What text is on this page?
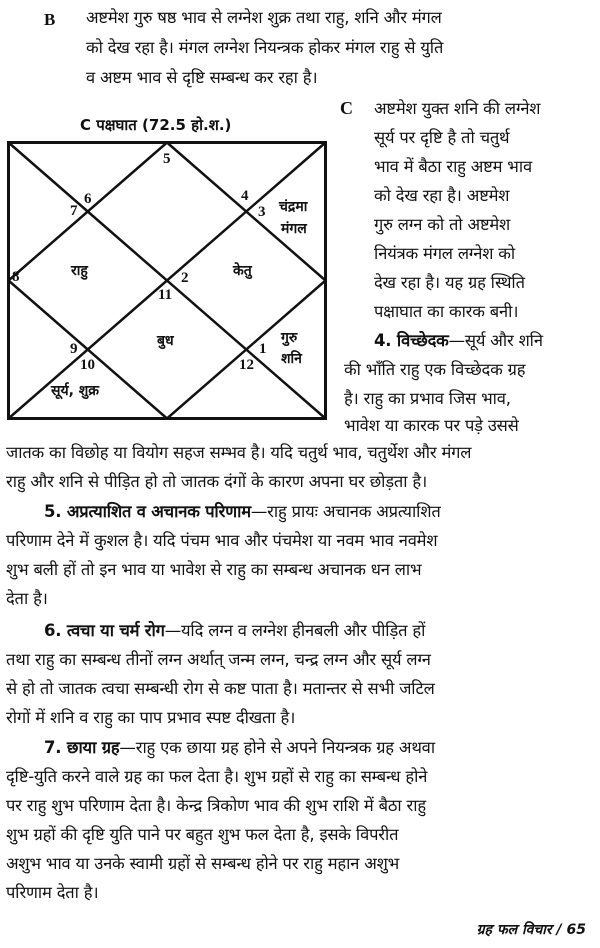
B अष्टमेश गुरु षष्ठ भाव से लग्नेश शुक्र तथा राहु, शनि और मंगल
को देख रहा है। मंगल लग्नेश नियन्त्रक होकर मंगल राहु से युति
व अष्टम भाव से दृष्टि सम्बन्ध कर रहा है।
C पक्षघात (72.5 हो.श.)
5
6
7
4
3
8	2
11
9
10
1
12
चंद्रमा
मंगल
राहु	केतु
बुध	गुरु
शनि
सूर्य, शुक्र
C अष्टमेश युक्त शनि की लग्नेश
सूर्य पर दृष्टि है तो चतुर्थ
भाव में बैठा राहु अष्टम भाव
को देख रहा है। अष्टमेश
गुरु लग्न को तो अष्टमेश
नियंत्रक मंगल लग्नेश को
देख रहा है। यह ग्रह स्थिति
पक्षाघात का कारक बनी।
4. विच्छेदक—सूर्य और शनि
की भाँति राहु एक विच्छेदक ग्रह
है। राहु का प्रभाव जिस भाव,
भावेश या कारक पर पड़े उससे
जातक का विछोह या वियोग सहज सम्भव है। यदि चतुर्थ भाव, चतुर्थेश और मंगल
राहु और शनि से पीड़ित हो तो जातक दंगों के कारण अपना घर छोड़ता है।
5. अप्रत्याशित व अचानक परिणाम—राहु प्रायः अचानक अप्रत्याशित
परिणाम देने में कुशल है। यदि पंचम भाव और पंचमेश या नवम भाव नवमेश
शुभ बली हों तो इन भाव या भावेश से राहु का सम्बन्ध अचानक धन लाभ
देता है।
6. त्वचा या चर्म रोग—यदि लग्न व लग्नेश हीनबली और पीड़ित हों
तथा राहु का सम्बन्ध तीनों लग्न अर्थात् जन्म लग्न, चन्द्र लग्न और सूर्य लग्न
से हो तो जातक त्वचा सम्बन्धी रोग से कष्ट पाता है। मतान्तर से सभी जटिल
रोगों में शनि व राहु का पाप प्रभाव स्पष्ट दीखता है।
7. छाया ग्रह—राहु एक छाया ग्रह होने से अपने नियन्त्रक ग्रह अथवा
दृष्टि-युति करने वाले ग्रह का फल देता है। शुभ ग्रहों से राहु का सम्बन्ध होने
पर राहु शुभ परिणाम देता है। केन्द्र त्रिकोण भाव की शुभ राशि में बैठा राहु
शुभ ग्रहों की दृष्टि युति पाने पर बहुत शुभ फल देता है, इसके विपरीत
अशुभ भाव या उनके स्वामी ग्रहों से सम्बन्ध होने पर राहु महान अशुभ
परिणाम देता है।
ग्रह फल विचार / 65
